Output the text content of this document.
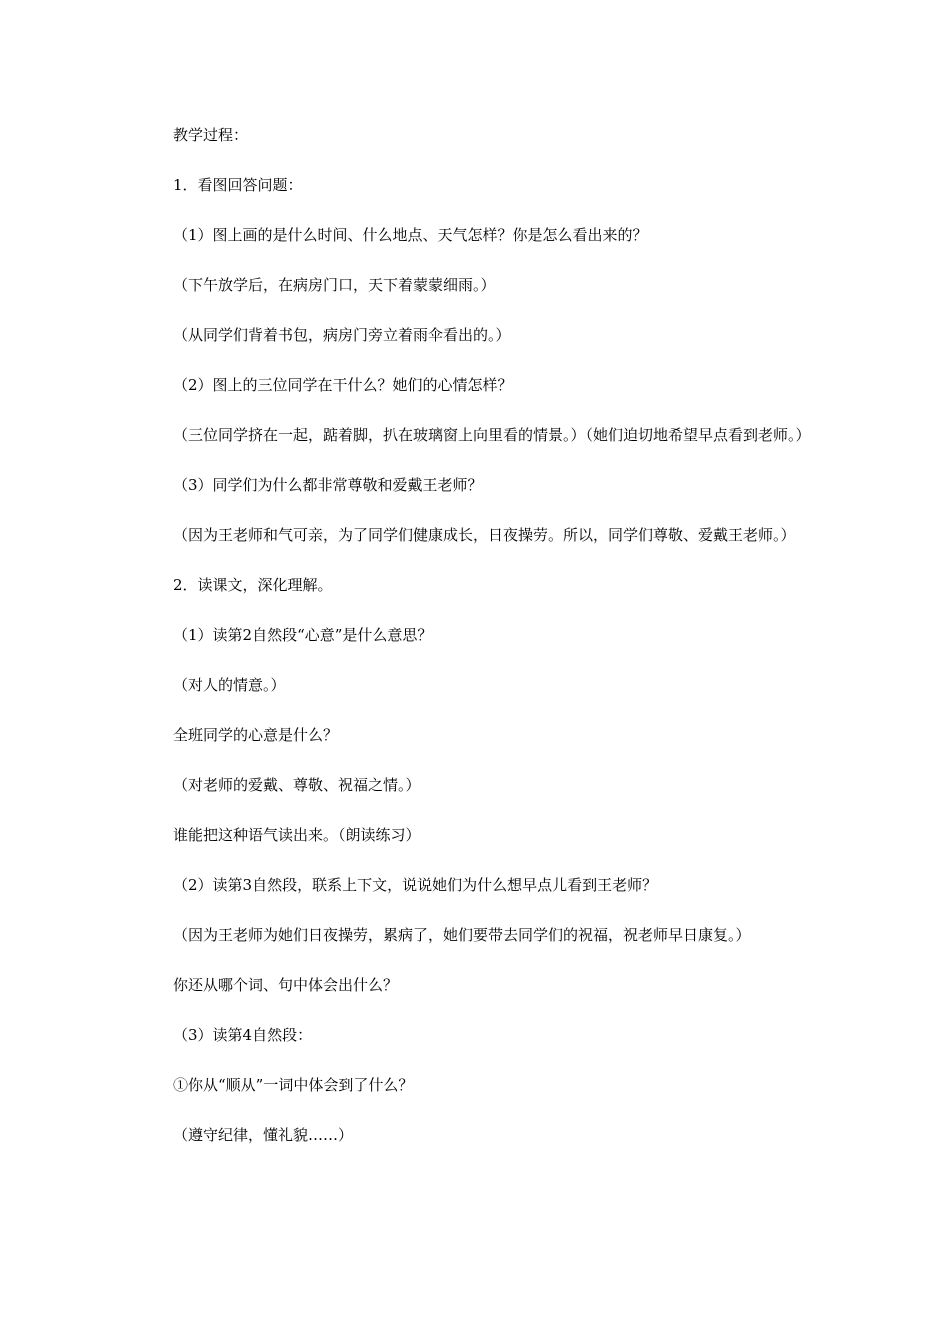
教学过程：

1．看图回答问题：

（1）图上画的是什么时间、什么地点、天气怎样？你是怎么看出来的？

（下午放学后，在病房门口，天下着蒙蒙细雨。）

（从同学们背着书包，病房门旁立着雨伞看出的。）

（2）图上的三位同学在干什么？她们的心情怎样？

（三位同学挤在一起，踮着脚，扒在玻璃窗上向里看的情景。）（她们迫切地希望早点看到老师。）

（3）同学们为什么都非常尊敬和爱戴王老师？

（因为王老师和气可亲，为了同学们健康成长，日夜操劳。所以，同学们尊敬、爱戴王老师。）

2．读课文，深化理解。

（1）读第2自然段“心意”是什么意思？

（对人的情意。）

全班同学的心意是什么？

（对老师的爱戴、尊敬、祝福之情。）

谁能把这种语气读出来。（朗读练习）

（2）读第3自然段，联系上下文，说说她们为什么想早点儿看到王老师？

（因为王老师为她们日夜操劳，累病了，她们要带去同学们的祝福，祝老师早日康复。）

你还从哪个词、句中体会出什么？

（3）读第4自然段：

①你从“顺从”一词中体会到了什么？

（遵守纪律，懂礼貌……）
